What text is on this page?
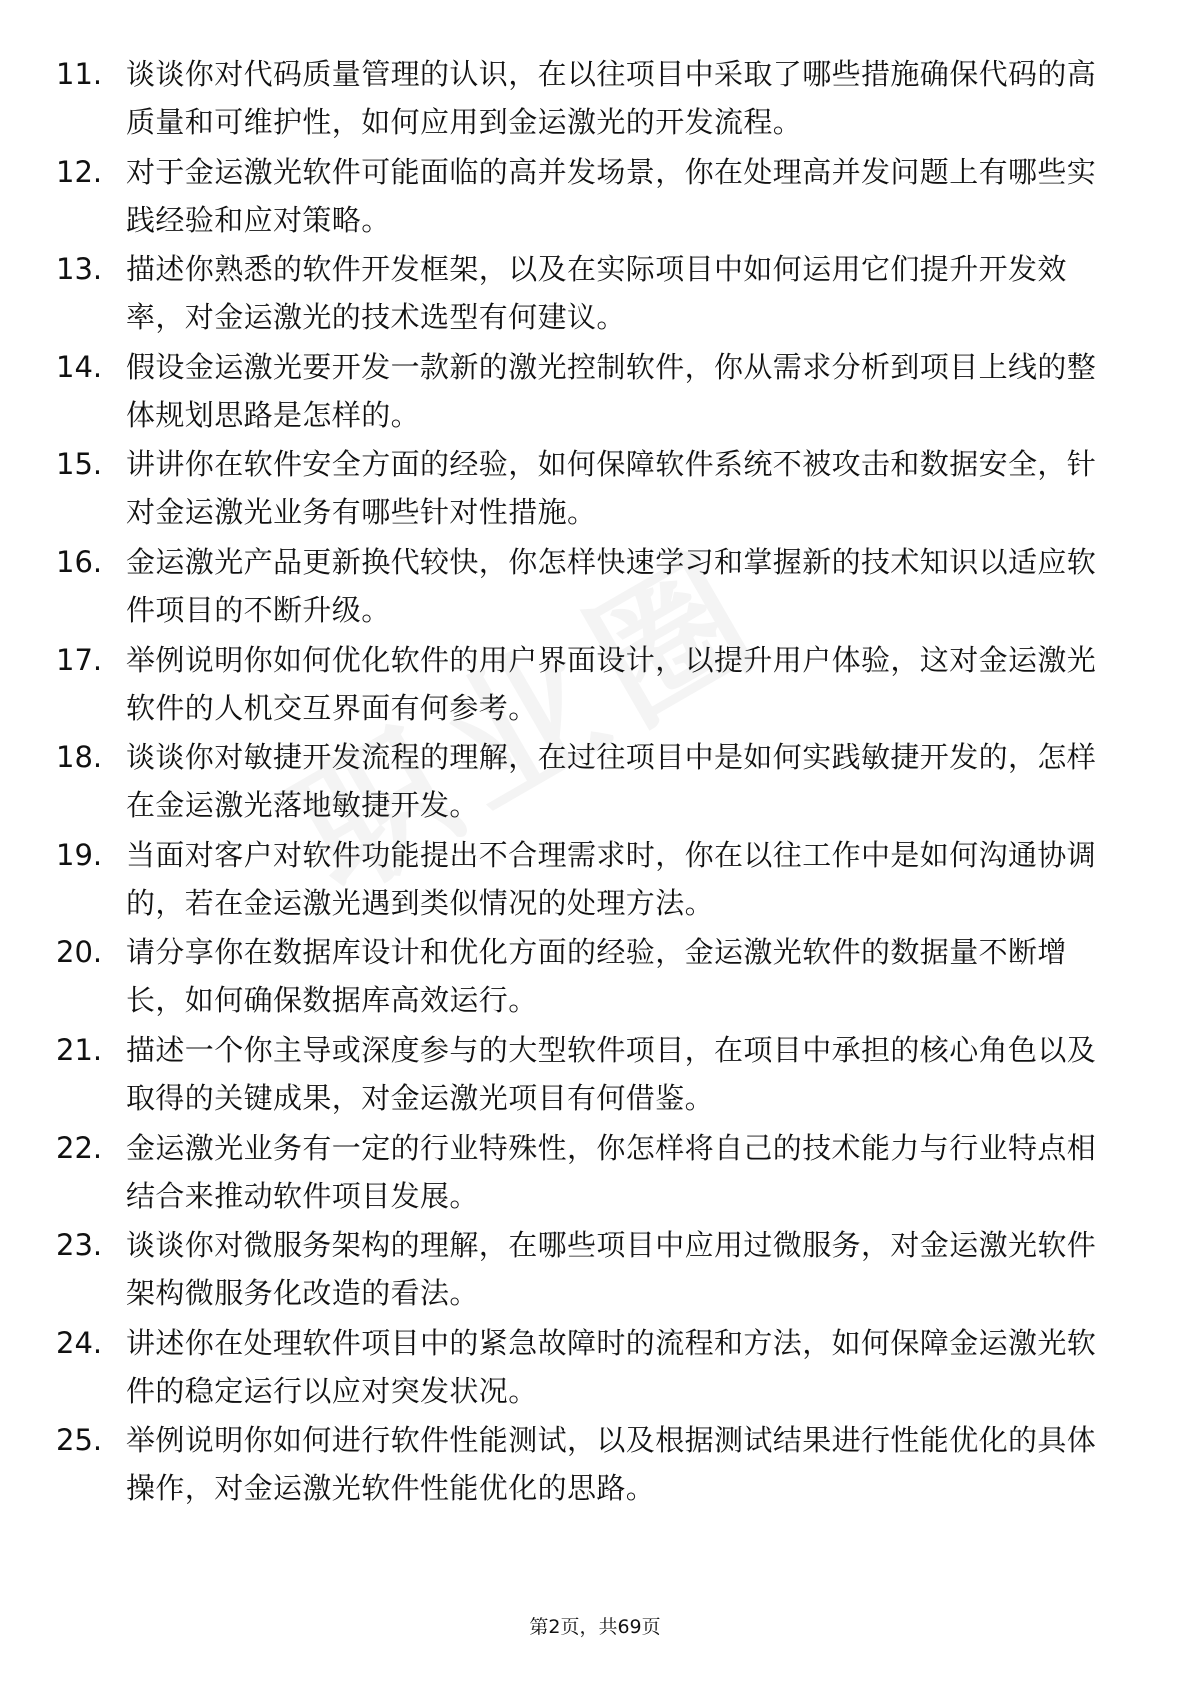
11. 谈谈你对代码质量管理的认识，在以往项目中采取了哪些措施确保代码的高质量和可维护性，如何应用到金运激光的开发流程。

12. 对于金运激光软件可能面临的高并发场景，你在处理高并发问题上有哪些实践经验和应对策略。

13. 描述你熟悉的软件开发框架，以及在实际项目中如何运用它们提升开发效率，对金运激光的技术选型有何建议。

14. 假设金运激光要开发一款新的激光控制软件，你从需求分析到项目上线的整体规划思路是怎样的。

15. 讲讲你在软件安全方面的经验，如何保障软件系统不被攻击和数据安全，针对金运激光业务有哪些针对性措施。

16. 金运激光产品更新换代较快，你怎样快速学习和掌握新的技术知识以适应软件项目的不断升级。

17. 举例说明你如何优化软件的用户界面设计，以提升用户体验，这对金运激光软件的人机交互界面有何参考。

18. 谈谈你对敏捷开发流程的理解，在过往项目中是如何实践敏捷开发的，怎样在金运激光落地敏捷开发。

19. 当面对客户对软件功能提出不合理需求时，你在以往工作中是如何沟通协调的，若在金运激光遇到类似情况的处理方法。

20. 请分享你在数据库设计和优化方面的经验，金运激光软件的数据量不断增长，如何确保数据库高效运行。

21. 描述一个你主导或深度参与的大型软件项目，在项目中承担的核心角色以及取得的关键成果，对金运激光项目有何借鉴。

22. 金运激光业务有一定的行业特殊性，你怎样将自己的技术能力与行业特点相结合来推动软件项目发展。

23. 谈谈你对微服务架构的理解，在哪些项目中应用过微服务，对金运激光软件架构微服务化改造的看法。

24. 讲述你在处理软件项目中的紧急故障时的流程和方法，如何保障金运激光软件的稳定运行以应对突发状况。

25. 举例说明你如何进行软件性能测试，以及根据测试结果进行性能优化的具体操作，对金运激光软件性能优化的思路。

第2页，共69页
